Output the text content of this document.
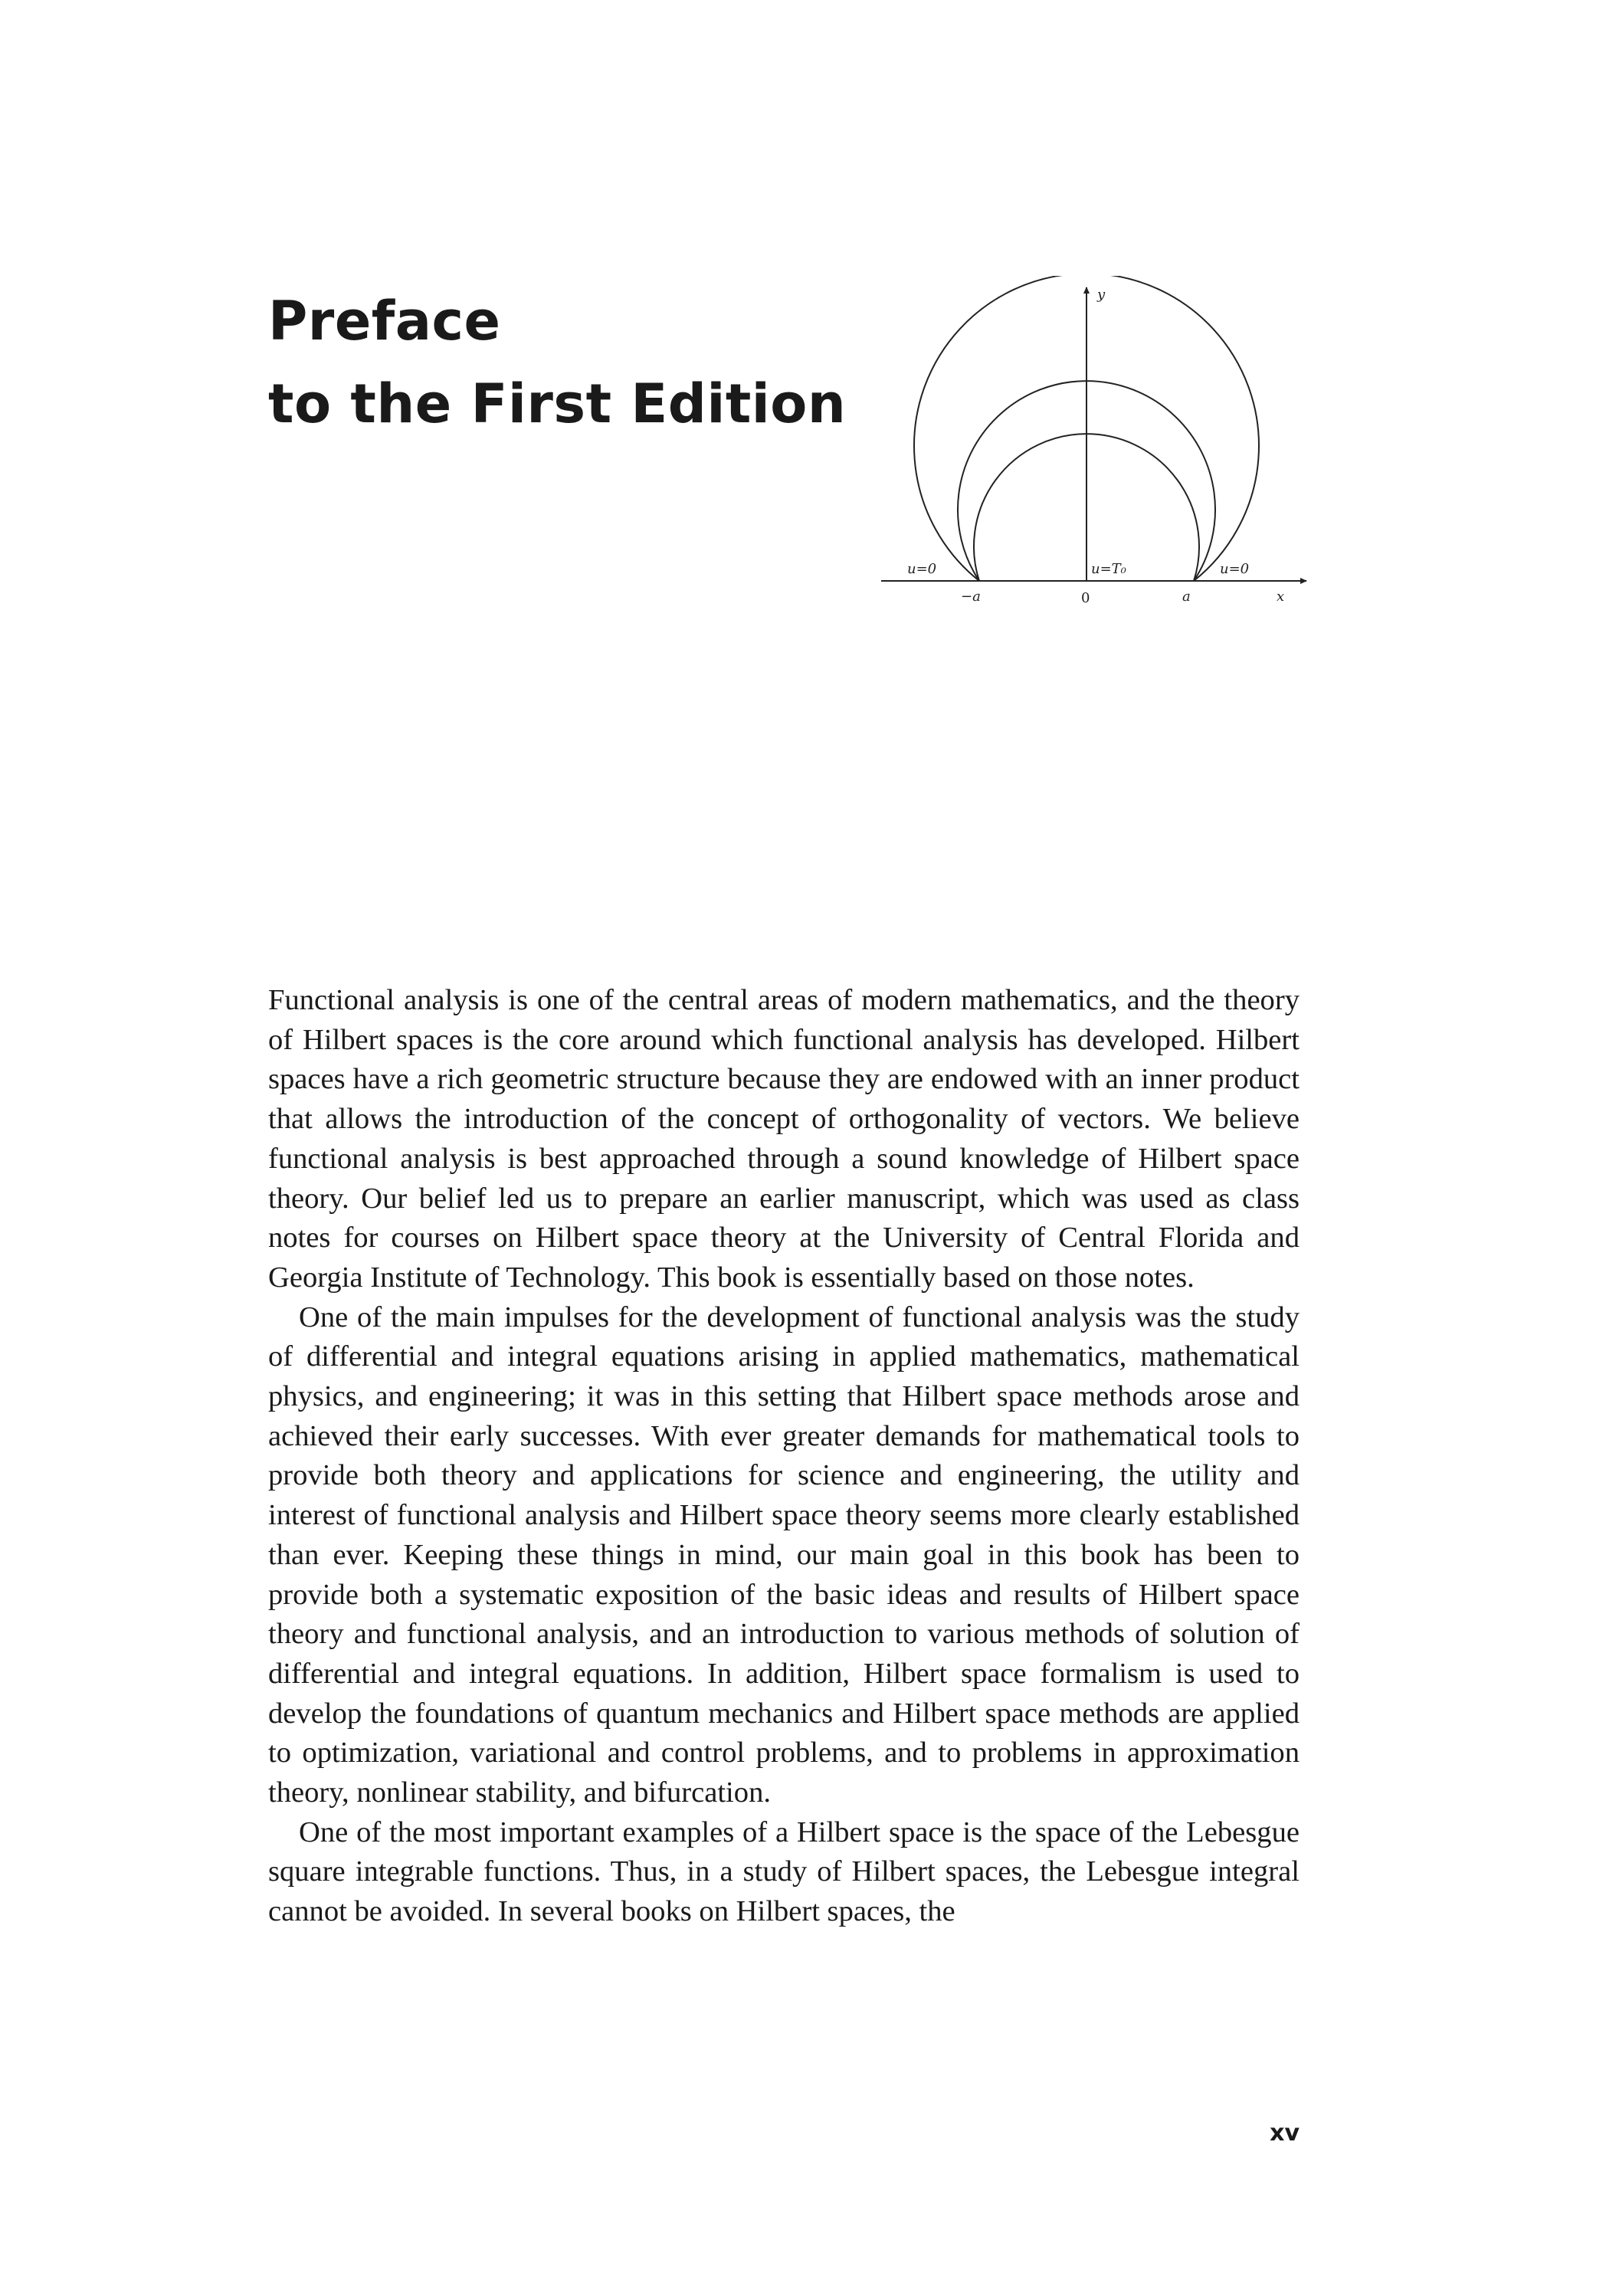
Preface
to the First Edition
y
u=0	u=T₀	u=0
−a	0	a	x

Functional analysis is one of the central areas of modern mathematics, and the theory of Hilbert spaces is the core around which functional analysis has developed. Hilbert spaces have a rich geometric structure because they are endowed with an inner product that allows the introduction of the concept of orthogonality of vectors. We believe functional analysis is best approached through a sound knowledge of Hilbert space theory. Our belief led us to prepare an earlier manuscript, which was used as class notes for courses on Hilbert space theory at the University of Central Florida and Georgia Institute of Technology. This book is essentially based on those notes.

One of the main impulses for the development of functional analysis was the study of differential and integral equations arising in applied mathematics, mathematical physics, and engineering; it was in this setting that Hilbert space methods arose and achieved their early successes. With ever greater demands for mathematical tools to provide both theory and applications for science and engineering, the utility and interest of functional analysis and Hilbert space theory seems more clearly established than ever. Keeping these things in mind, our main goal in this book has been to provide both a systematic exposition of the basic ideas and results of Hilbert space theory and functional analysis, and an introduction to various methods of solution of differential and integral equations. In addition, Hilbert space formalism is used to develop the foundations of quantum mechanics and Hilbert space methods are applied to optimization, variational and control problems, and to problems in approximation theory, nonlinear stability, and bifurcation.

One of the most important examples of a Hilbert space is the space of the Lebesgue square integrable functions. Thus, in a study of Hilbert spaces, the Lebesgue integral cannot be avoided. In several books on Hilbert spaces, the

xv
